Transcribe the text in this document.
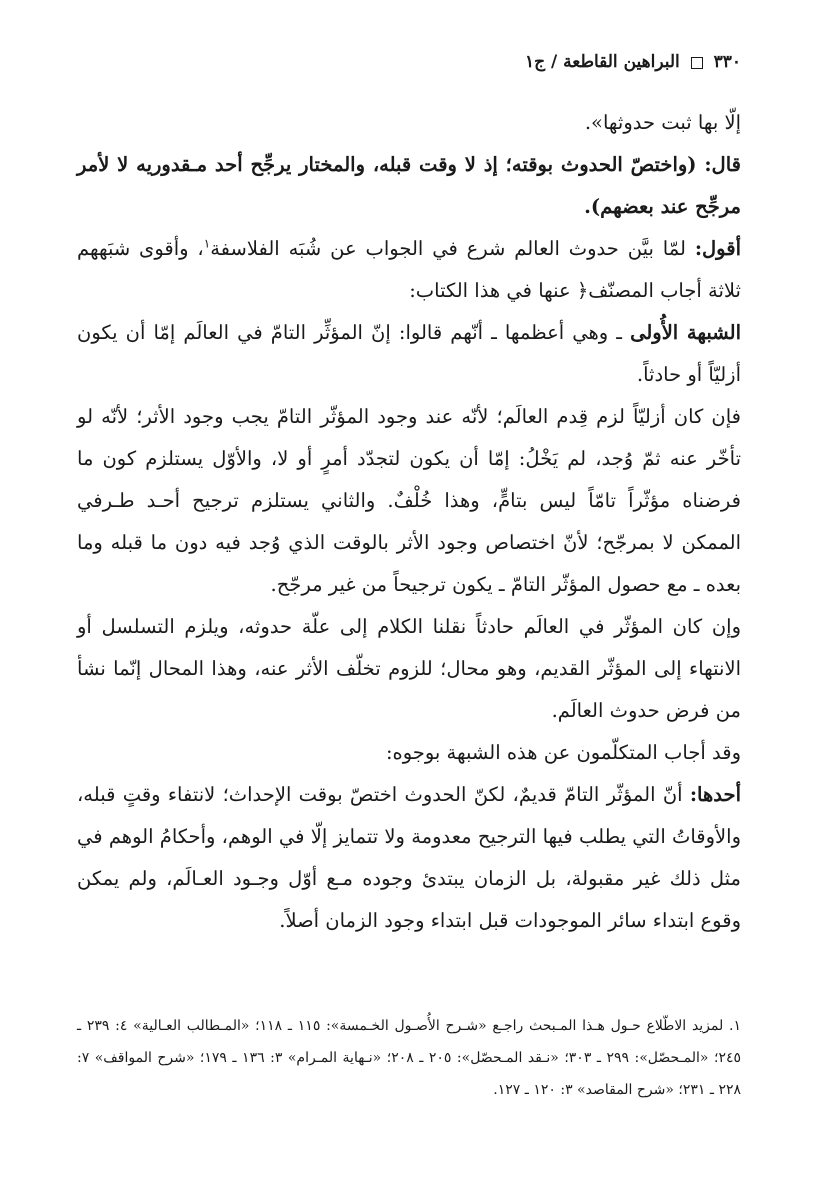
٣٣٠  البراهين القاطعة / ج١

إلّا بها ثبت حدوثها».

قال: (واختصّ الحدوث بوقته؛ إذ لا وقت قبله، والمختار يرجِّح أحد مـقدوريه لا لأمر مرجِّح عند بعضهم).

أقول: لمّا بيَّن حدوث العالم شرع في الجواب عن شُبَه الفلاسفة$^١$، وأقوى شبَههم ثلاثة أجاب المصنّف﴿ عنها في هذا الكتاب:

الشبهة الأُولى ـ وهي أعظمها ـ أنّهم قالوا: إنّ المؤثِّر التامّ في العالَم إمّا أن يكون أزليّاً أو حادثاً.

فإن كان أزليّاً لزم قِدم العالَم؛ لأنّه عند وجود المؤثّر التامّ يجب وجود الأثر؛ لأنّه لو تأخّر عنه ثمّ وُجد، لم يَخْلُ: إمّا أن يكون لتجدّد أمرٍ أو لا، والأوّل يستلزم كون ما فرضناه مؤثّراً تامّاً ليس بتامٍّ، وهذا خُلْفٌ. والثاني يستلزم ترجيح أحـد طـرفي الممكن لا بمرجّح؛ لأنّ اختصاص وجود الأثر بالوقت الذي وُجد فيه دون ما قبله وما بعده ـ مع حصول المؤثّر التامّ ـ يكون ترجيحاً من غير مرجّح.

وإن كان المؤثّر في العالَم حادثاً نقلنا الكلام إلى علّة حدوثه، ويلزم التسلسل أو الانتهاء إلى المؤثّر القديم، وهو محال؛ للزوم تخلّف الأثر عنه، وهذا المحال إنّما نشأ من فرض حدوث العالَم.

وقد أجاب المتكلّمون عن هذه الشبهة بوجوه:

أحدها: أنّ المؤثّر التامّ قديمٌ، لكنّ الحدوث اختصّ بوقت الإحداث؛ لانتفاء وقتٍ قبله، والأوقاتُ التي يطلب فيها الترجيح معدومة ولا تتمايز إلّا في الوهم، وأحكامُ الوهم في مثل ذلك غير مقبولة، بل الزمان يبتدئ وجوده مـع أوّل وجـود العـالَم، ولم يمكن وقوع ابتداء سائر الموجودات قبل ابتداء وجود الزمان أصلاً.

١. لمزيد الاطّلاع حـول هـذا المـبحث راجـع «شـرح الأُصـول الخـمسة»: ١١٥ ـ ١١٨؛ «المـطالب العـالية» ٤: ٢٣٩ ـ ٢٤٥؛ «المـحصّل»: ٢٩٩ ـ ٣٠٣؛ «نـقد المـحصّل»: ٢٠٥ ـ ٢٠٨؛ «نـهاية المـرام» ٣: ١٣٦ ـ ١٧٩؛ «شرح المواقف» ٧: ٢٢٨ ـ ٢٣١؛ «شرح المقاصد» ٣: ١٢٠ ـ ١٢٧.
